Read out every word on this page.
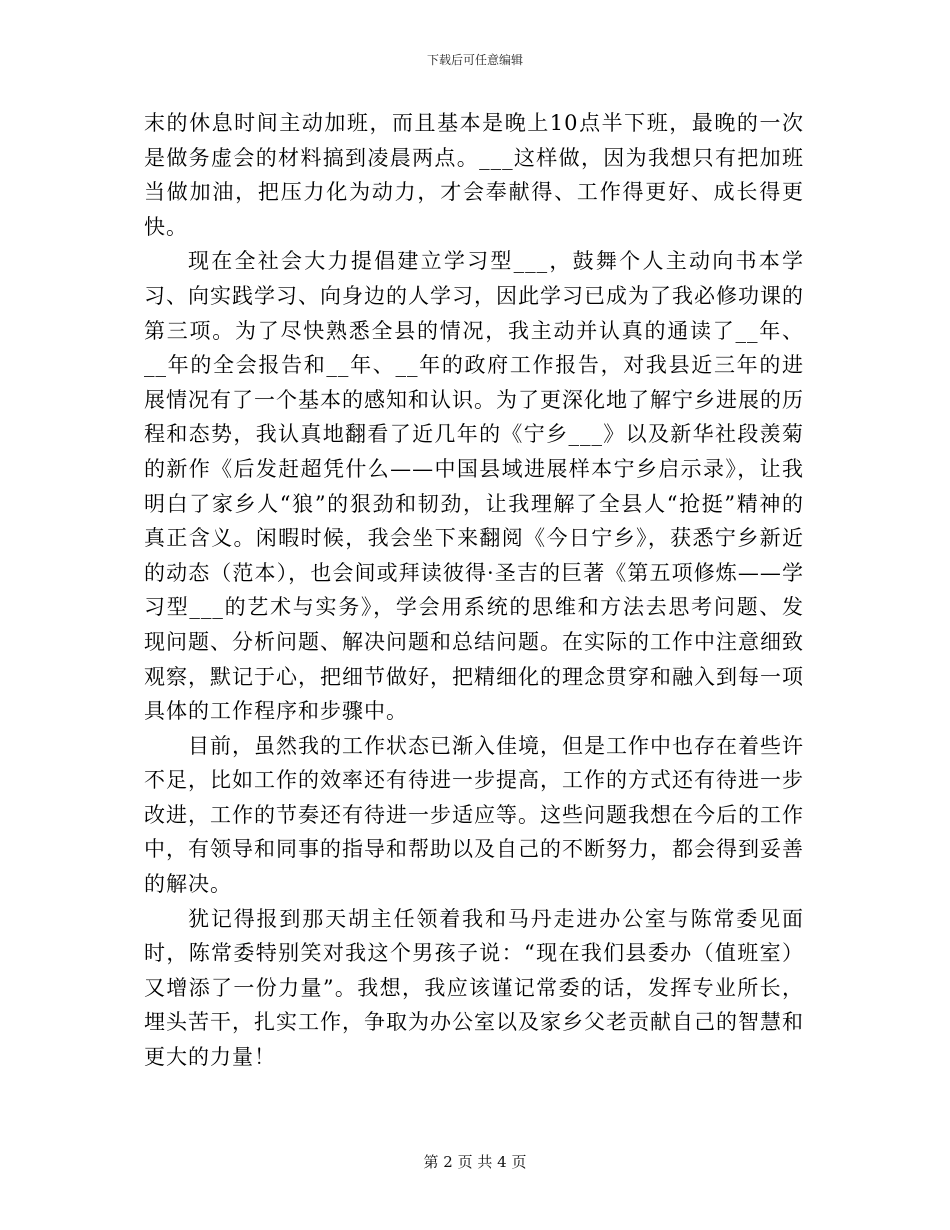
下载后可任意编辑

末的休息时间主动加班，而且基本是晚上10点半下班，最晚的一次是做务虚会的材料搞到凌晨两点。___这样做，因为我想只有把加班当做加油，把压力化为动力，才会奉献得、工作得更好、成长得更快。

现在全社会大力提倡建立学习型___，鼓舞个人主动向书本学习、向实践学习、向身边的人学习，因此学习已成为了我必修功课的第三项。为了尽快熟悉全县的情况，我主动并认真的通读了__年、__年的全会报告和__年、__年的政府工作报告，对我县近三年的进展情况有了一个基本的感知和认识。为了更深化地了解宁乡进展的历程和态势，我认真地翻看了近几年的《宁乡___》以及新华社段羡菊的新作《后发赶超凭什么——中国县域进展样本宁乡启示录》，让我明白了家乡人“狼”的狠劲和韧劲，让我理解了全县人“抢挺”精神的真正含义。闲暇时候，我会坐下来翻阅《今日宁乡》，获悉宁乡新近的动态（范本），也会间或拜读彼得·圣吉的巨著《第五项修炼——学习型___的艺术与实务》，学会用系统的思维和方法去思考问题、发现问题、分析问题、解决问题和总结问题。在实际的工作中注意细致观察，默记于心，把细节做好，把精细化的理念贯穿和融入到每一项具体的工作程序和步骤中。

目前，虽然我的工作状态已渐入佳境，但是工作中也存在着些许不足，比如工作的效率还有待进一步提高，工作的方式还有待进一步改进，工作的节奏还有待进一步适应等。这些问题我想在今后的工作中，有领导和同事的指导和帮助以及自己的不断努力，都会得到妥善的解决。

犹记得报到那天胡主任领着我和马丹走进办公室与陈常委见面时，陈常委特别笑对我这个男孩子说：“现在我们县委办（值班室）又增添了一份力量”。我想，我应该谨记常委的话，发挥专业所长，埋头苦干，扎实工作，争取为办公室以及家乡父老贡献自己的智慧和更大的力量！

第 2 页 共 4 页
